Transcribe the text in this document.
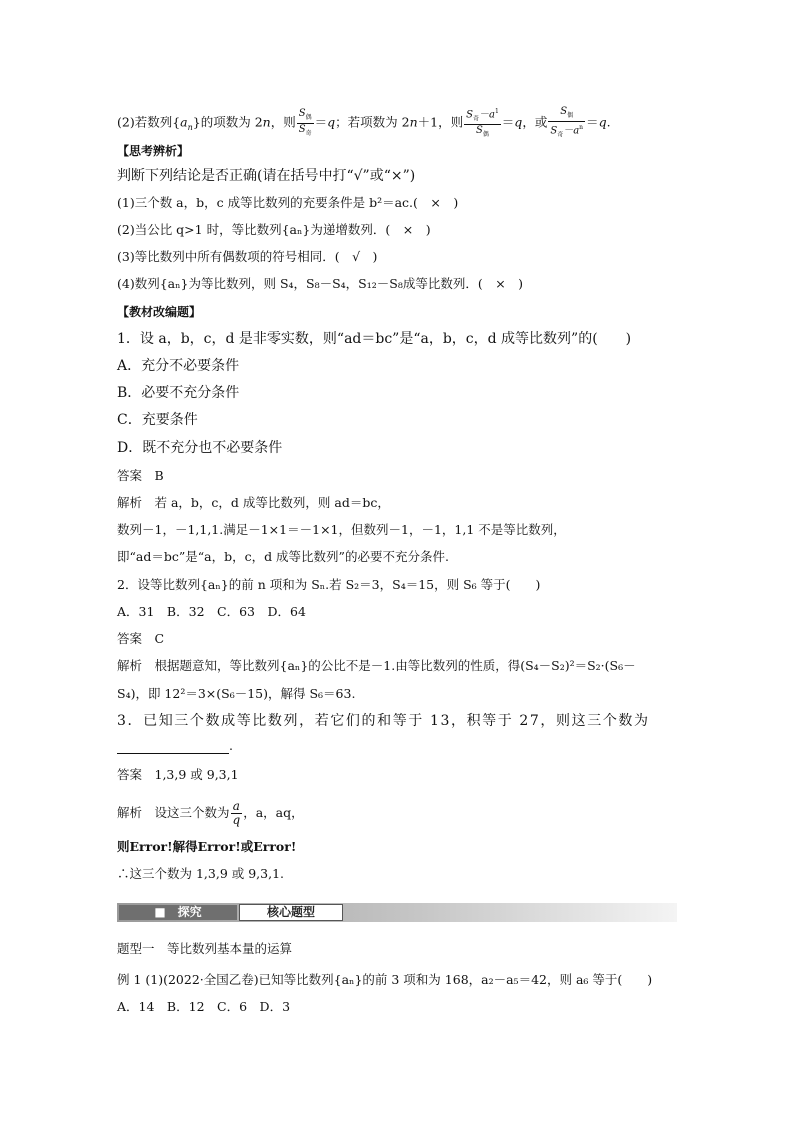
(2)若数列$\{a_n\}$的项数为 2n，则 $\frac{S_偶}{S_奇} =q$；若项数为 2n＋1，则 $\frac{S_奇-a^1}{S_偶} =q$，或 $\frac{S_偶}{S_奇-a^n} =q$.
【思考辨析】
判断下列结论是否正确(请在括号中打“√”或“×”)
(1)三个数 a，b，c 成等比数列的充要条件是 b²＝ac.(　×　)
(2)当公比 q>1 时，等比数列{aₙ}为递增数列．(　×　)
(3)等比数列中所有偶数项的符号相同．(　√　)
(4)数列{aₙ}为等比数列，则 S₄，S₈－S₄，S₁₂－S₈成等比数列．(　×　)
【教材改编题】
1．设 a，b，c，d 是非零实数，则“ad＝bc”是“a，b，c，d 成等比数列”的(　　)
A．充分不必要条件
B．必要不充分条件
C．充要条件
D．既不充分也不必要条件
答案　B
解析　若 a，b，c，d 成等比数列，则 ad＝bc，
数列－1，－1,1,1.满足－1×1＝－1×1，但数列－1，－1，1,1 不是等比数列，
即“ad＝bc”是“a，b，c，d 成等比数列”的必要不充分条件.
2．设等比数列{aₙ}的前 n 项和为 Sₙ.若 S₂＝3，S₄＝15，则 S₆ 等于(　　)
A．31　B．32　C．63　D．64
答案　C
解析　根据题意知，等比数列{aₙ}的公比不是－1.由等比数列的性质，得(S₄－S₂)²＝S₂·(S₆－
S₄)，即 12²＝3×(S₆－15)，解得 S₆＝63.
3．已知三个数成等比数列，若它们的和等于 13，积等于 27，则这三个数为
.
答案　1,3,9 或 9,3,1
解析　设这三个数为 $\frac{a}{q}$ ，a，aq，
则Error!解得Error!或Error!
∴这三个数为 1,3,9 或 9,3,1.
■　探究	核心题型
题型一　等比数列基本量的运算
例 1 (1)(2022·全国乙卷)已知等比数列{aₙ}的前 3 项和为 168，a₂－a₅＝42，则 a₆ 等于(　　)
A．14　B．12　C．6　D．3
